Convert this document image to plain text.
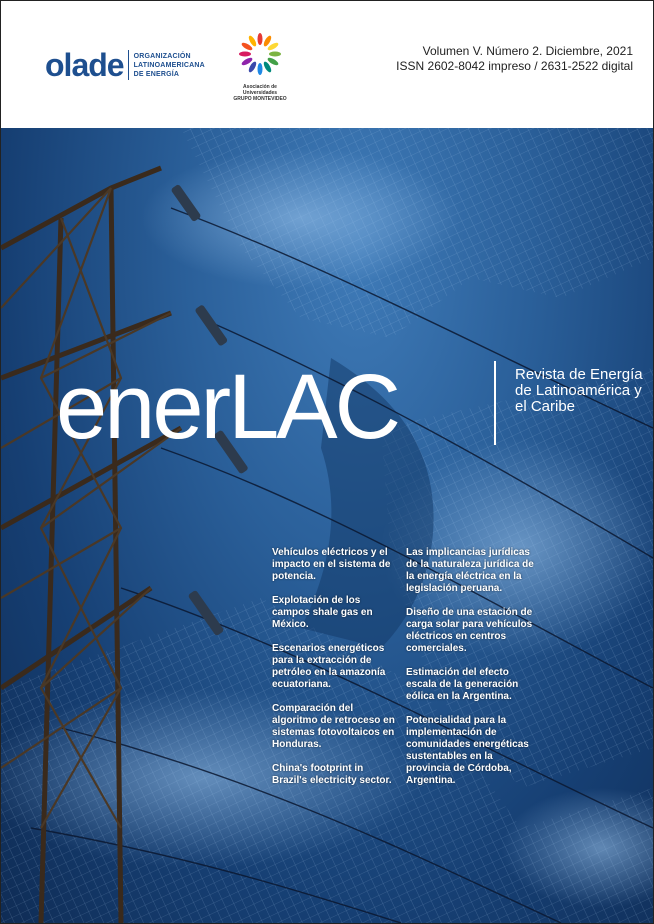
olade ORGANIZACIÓN
LATINOAMERICANA
DE ENERGÍA
Asociación de Universidades
GRUPO MONTEVIDEO
Volumen V. Número 2. Diciembre, 2021
ISSN 2602-8042 impreso / 2631-2522 digital
enerLAC	Revista de Energía de Latinoamérica y el Caribe
Vehículos eléctricos y el impacto en el sistema de potencia.
Explotación de los campos shale gas en México.
Escenarios energéticos para la extracción de petróleo en la amazonía ecuatoriana.
Comparación del algoritmo de retroceso en sistemas fotovoltaicos en Honduras.
China's footprint in Brazil's electricity sector.
Las implicancias jurídicas de la naturaleza jurídica de la energía eléctrica en la legislación peruana.
Diseño de una estación de carga solar para vehículos eléctricos en centros comerciales.
Estimación del efecto escala de la generación eólica en la Argentina.
Potencialidad para la implementación de comunidades energéticas sustentables en la provincia de Córdoba, Argentina.
